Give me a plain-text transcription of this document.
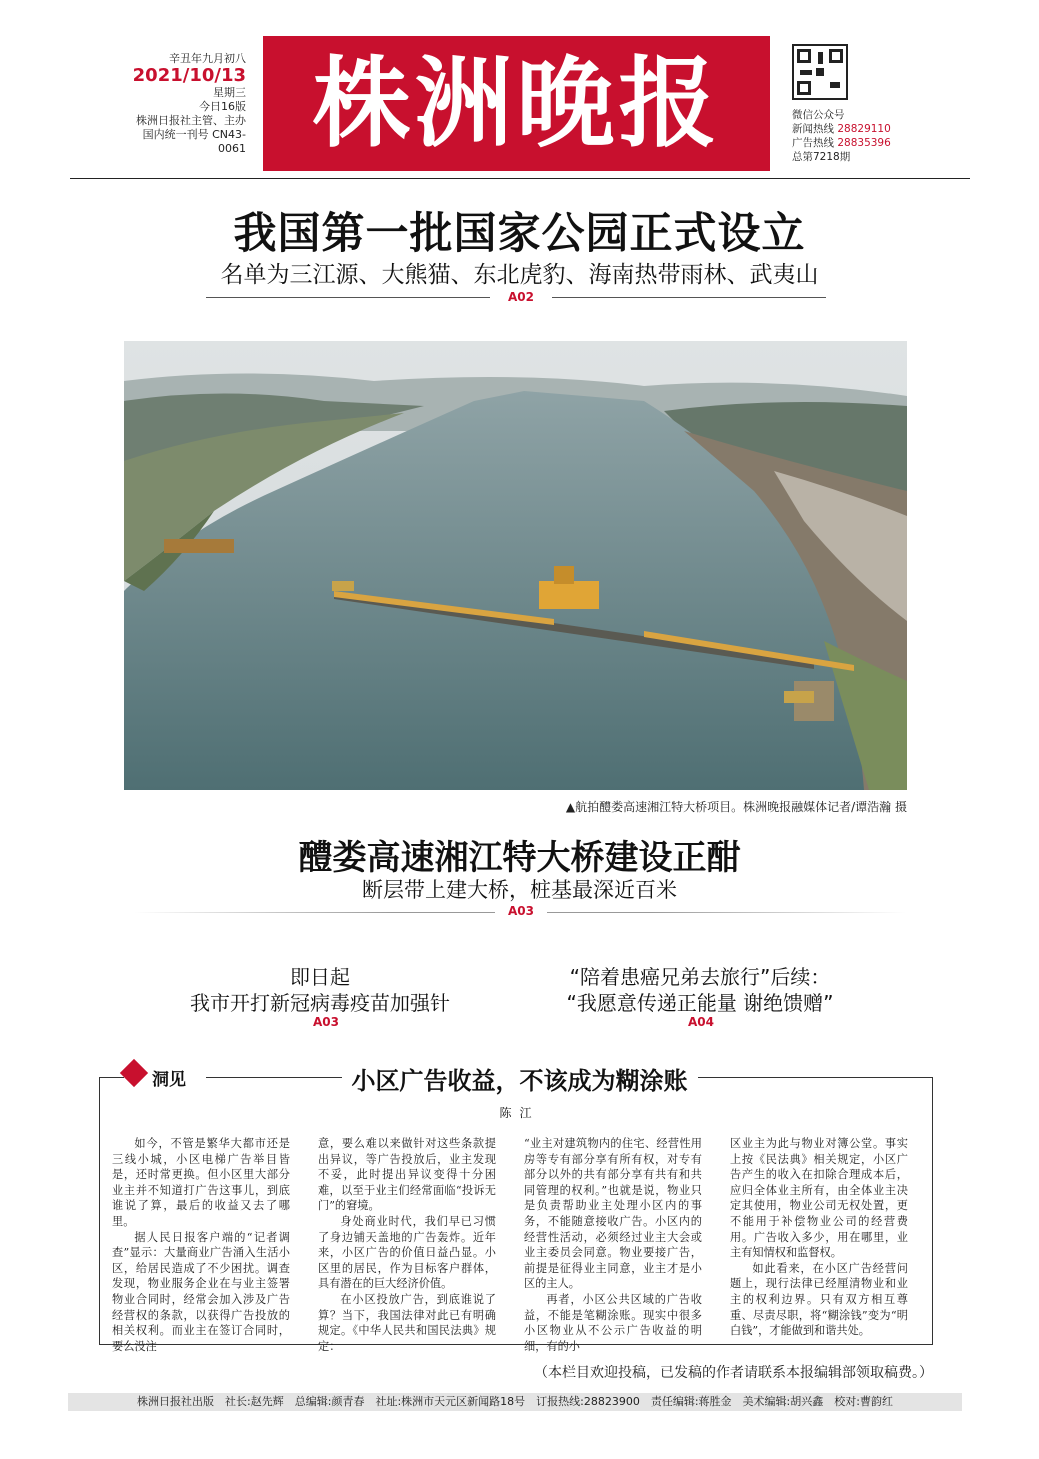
辛丑年九月初八
2021/10/13
星期三
今日16版
株洲日报社主管、主办
国内统一刊号 CN43-0061 株洲晚报	微信公众号
新闻热线 28829110
广告热线 28835396
总第7218期
我国第一批国家公园正式设立
名单为三江源、大熊猫、东北虎豹、海南热带雨林、武夷山
A02
▲航拍醴娄高速湘江特大桥项目。株洲晚报融媒体记者/谭浩瀚 摄
醴娄高速湘江特大桥建设正酣
断层带上建大桥，桩基最深近百米
A03
即日起
我市开打新冠病毒疫苗加强针
A03
“陪着患癌兄弟去旅行”后续：
“我愿意传递正能量 谢绝馈赠”
A04
洞见	小区广告收益，不该成为糊涂账
陈江

如今，不管是繁华大都市还是三线小城，小区电梯广告举目皆是，还时常更换。但小区里大部分业主并不知道打广告这事儿，到底谁说了算，最后的收益又去了哪里。

据人民日报客户端的“记者调查”显示：大量商业广告涌入生活小区，给居民造成了不少困扰。调查发现，物业服务企业在与业主签署物业合同时，经常会加入涉及广告经营权的条款，以获得广告投放的相关权利。而业主在签订合同时，要么没注

意，要么难以来做针对这些条款提出异议，等广告投放后，业主发现不妥，此时提出异议变得十分困难，以至于业主们经常面临“投诉无门”的窘境。

身处商业时代，我们早已习惯了身边铺天盖地的广告轰炸。近年来，小区广告的价值日益凸显。小区里的居民，作为目标客户群体，具有潜在的巨大经济价值。

在小区投放广告，到底谁说了算？当下，我国法律对此已有明确规定。《中华人民共和国民法典》规定：

“业主对建筑物内的住宅、经营性用房等专有部分享有所有权，对专有部分以外的共有部分享有共有和共同管理的权利。”也就是说，物业只是负责帮助业主处理小区内的事务，不能随意接收广告。小区内的经营性活动，必须经过业主大会或业主委员会同意。物业要接广告，前提是征得业主同意，业主才是小区的主人。

再者，小区公共区域的广告收益，不能是笔糊涂账。现实中很多小区物业从不公示广告收益的明细，有的小

区业主为此与物业对簿公堂。事实上按《民法典》相关规定，小区广告产生的收入在扣除合理成本后，应归全体业主所有，由全体业主决定其使用，物业公司无权处置，更不能用于补偿物业公司的经营费用。广告收入多少，用在哪里，业主有知情权和监督权。

如此看来，在小区广告经营问题上，现行法律已经厘清物业和业主的权利边界。只有双方相互尊重、尽责尽职，将“糊涂钱”变为“明白钱”，才能做到和谐共处。

（本栏目欢迎投稿，已发稿的作者请联系本报编辑部领取稿费。）
株洲日报社出版　社长:赵先辉　总编辑:颜青春　社址:株洲市天元区新闻路18号　订报热线:28823900　责任编辑:蒋胜金　美术编辑:胡兴鑫　校对:曹韵红
